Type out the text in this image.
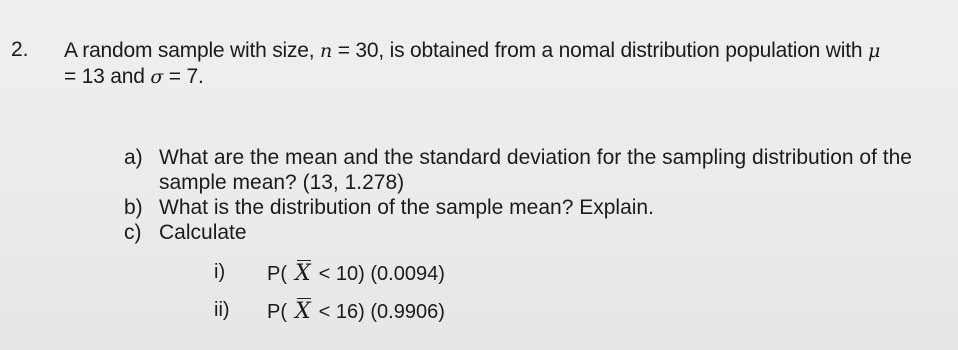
2. A random sample with size, n = 30, is obtained from a nomal distribution population with μ
= 13 and σ = 7.
a) What are the mean and the standard deviation for the sampling distribution of the sample mean? (13, 1.278)
b) What is the distribution of the sample mean? Explain.
c) Calculate
i) P( X < 10) (0.0094)
ii) P( X < 16) (0.9906)
